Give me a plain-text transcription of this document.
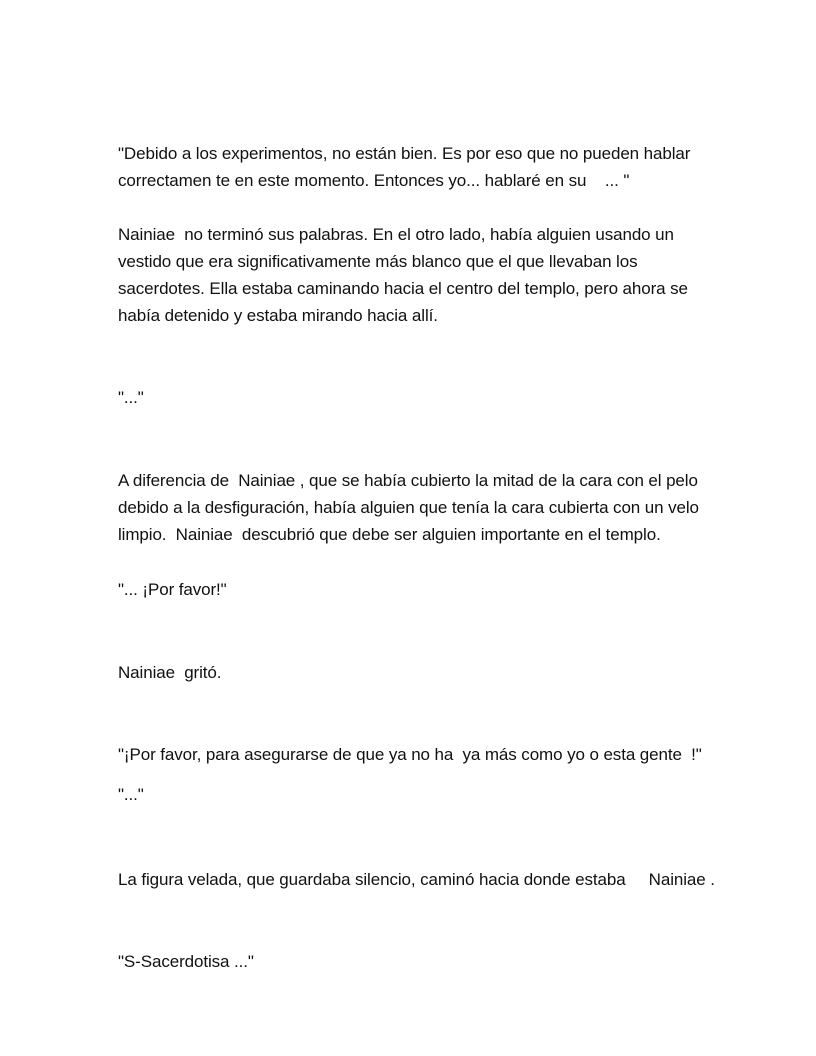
"Debido a los experimentos, no están bien. Es por eso que no pueden hablar
correctamen te en este momento. Entonces yo... hablaré en su    ... "
Nainiae  no terminó sus palabras. En el otro lado, había alguien usando un
vestido que era significativamente más blanco que el que llevaban los
sacerdotes. Ella estaba caminando hacia el centro del templo, pero ahora se
había detenido y estaba mirando hacia allí.
"..."
A diferencia de  Nainiae , que se había cubierto la mitad de la cara con el pelo
debido a la desfiguración, había alguien que tenía la cara cubierta con un velo
limpio.  Nainiae  descubrió que debe ser alguien importante en el templo.
"... ¡Por favor!"
Nainiae  gritó.
"¡Por favor, para asegurarse de que ya no ha  ya más como yo o esta gente  !"
"..."
La figura velada, que guardaba silencio, caminó hacia donde estaba     Nainiae .
"S-Sacerdotisa ..."
